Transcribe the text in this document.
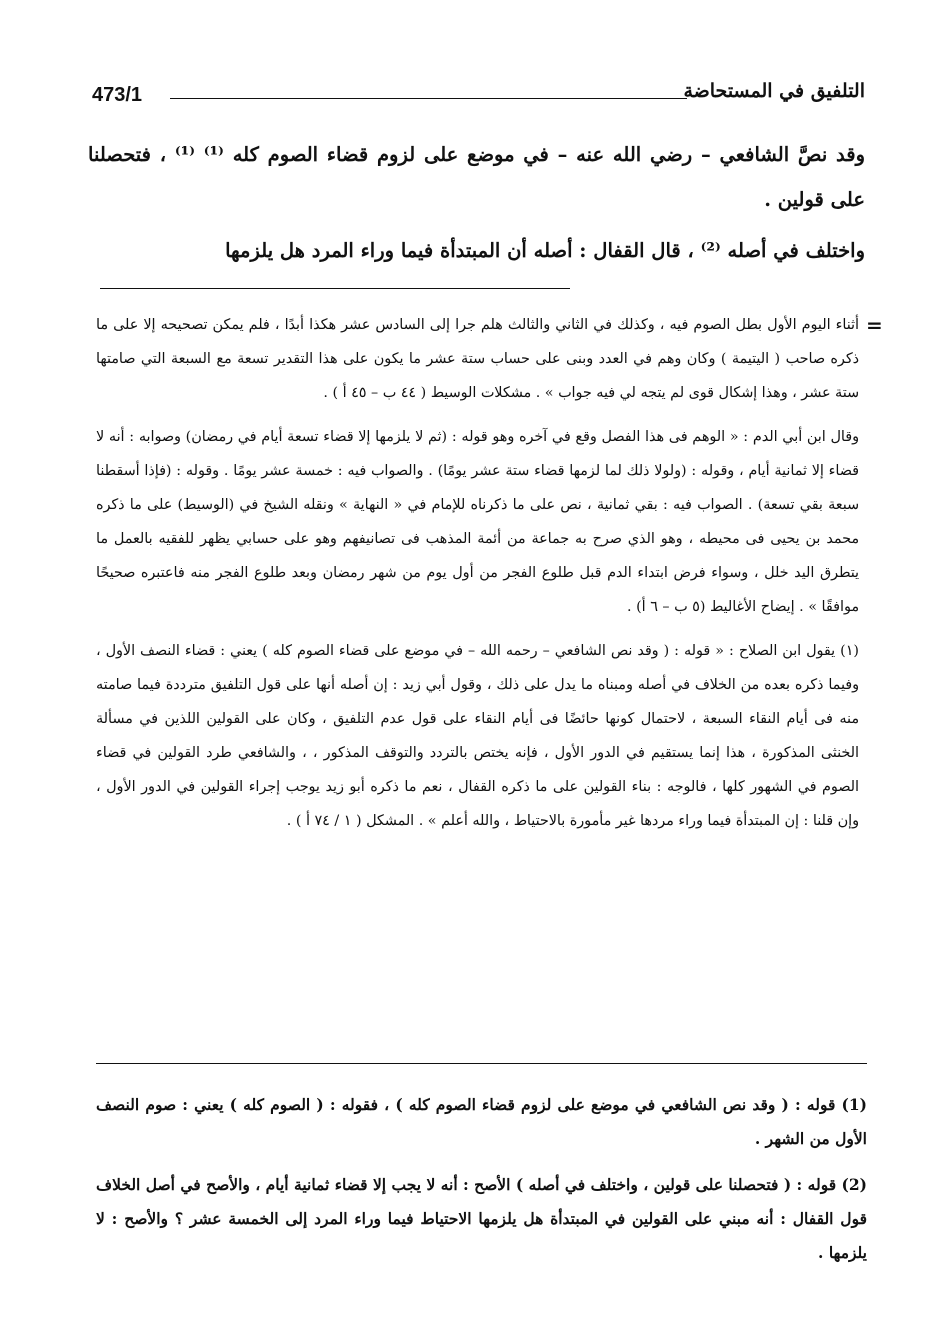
473/1	التلفيق في المستحاضة

وقد نصَّ الشافعي – رضي الله عنه – في موضع على لزوم قضاء الصوم كله ⁽¹⁾ ⁽¹⁾ ، فتحصلنا على قولين .

واختلف في أصله ⁽²⁾ ، قال القفال : أصله أن المبتدأة فيما وراء المرد هل يلزمها

=

أثناء اليوم الأول بطل الصوم فيه ، وكذلك في الثاني والثالث هلم جرا إلى السادس عشر هكذا أبدًا ، فلم يمكن تصحيحه إلا على ما ذكره صاحب ( اليتيمة ) وكان وهم في العدد وبنى على حساب ستة عشر ما يكون على هذا التقدير تسعة مع السبعة التي صامتها ستة عشر ، وهذا إشكال قوى لم يتجه لي فيه جواب » . مشكلات الوسيط ( ٤٤ ب – ٤٥ أ ) .

وقال ابن أبي الدم : « الوهم فى هذا الفصل وقع في آخره وهو قوله : (ثم لا يلزمها إلا قضاء تسعة أيام في رمضان) وصوابه : أنه لا قضاء إلا ثمانية أيام ، وقوله : (ولولا ذلك لما لزمها قضاء ستة عشر يومًا) . والصواب فيه : خمسة عشر يومًا . وقوله : (فإذا أسقطنا سبعة بقي تسعة) . الصواب فيه : بقي ثمانية ، نص على ما ذكرناه للإمام في « النهاية » ونقله الشيخ في (الوسيط) على ما ذكره محمد بن يحيى فى محيطه ، وهو الذي صرح به جماعة من أئمة المذهب فى تصانيفهم وهو على حسابي يظهر للفقيه بالعمل ما يتطرق اليد خلل ، وسواء فرض ابتداء الدم قبل طلوع الفجر من أول يوم من شهر رمضان وبعد طلوع الفجر منه فاعتبره صحيحًا موافقًا » . إيضاح الأغاليط (٥ ب – ٦ أ) .

(١) يقول ابن الصلاح : « قوله : ( وقد نص الشافعي – رحمه الله – في موضع على قضاء الصوم كله ) يعني : قضاء النصف الأول ، وفيما ذكره بعده من الخلاف في أصله ومبناه ما يدل على ذلك ، وقول أبي زيد : إن أصله أنها على قول التلفيق مترددة فيما صامته منه فى أيام النقاء السبعة ، لاحتمال كونها حائضًا فى أيام النقاء على قول عدم التلفيق ، وكان على القولين اللذين في مسألة الخنثى المذكورة ، هذا إنما يستقيم في الدور الأول ، فإنه يختص بالتردد والتوقف المذكور ، ، والشافعي طرد القولين في قضاء الصوم في الشهور كلها ، فالوجه : بناء القولين على ما ذكره القفال ، نعم ما ذكره أبو زيد يوجب إجراء القولين في الدور الأول ، وإن قلنا : إن المبتدأة فيما وراء مردها غير مأمورة بالاحتياط ، والله أعلم » . المشكل ( ١ / ٧٤ أ ) .

(1) قوله : ( وقد نص الشافعي في موضع على لزوم قضاء الصوم كله ) ، فقوله : ( الصوم كله ) يعني : صوم النصف الأول من الشهر .

(2) قوله : ( فتحصلنا على قولين ، واختلف في أصله ) الأصح : أنه لا يجب إلا قضاء ثمانية أيام ، والأصح في أصل الخلاف قول القفال : أنه مبني على القولين في المبتدأة هل يلزمها الاحتياط فيما وراء المرد إلى الخمسة عشر ؟ والأصح : لا يلزمها .
